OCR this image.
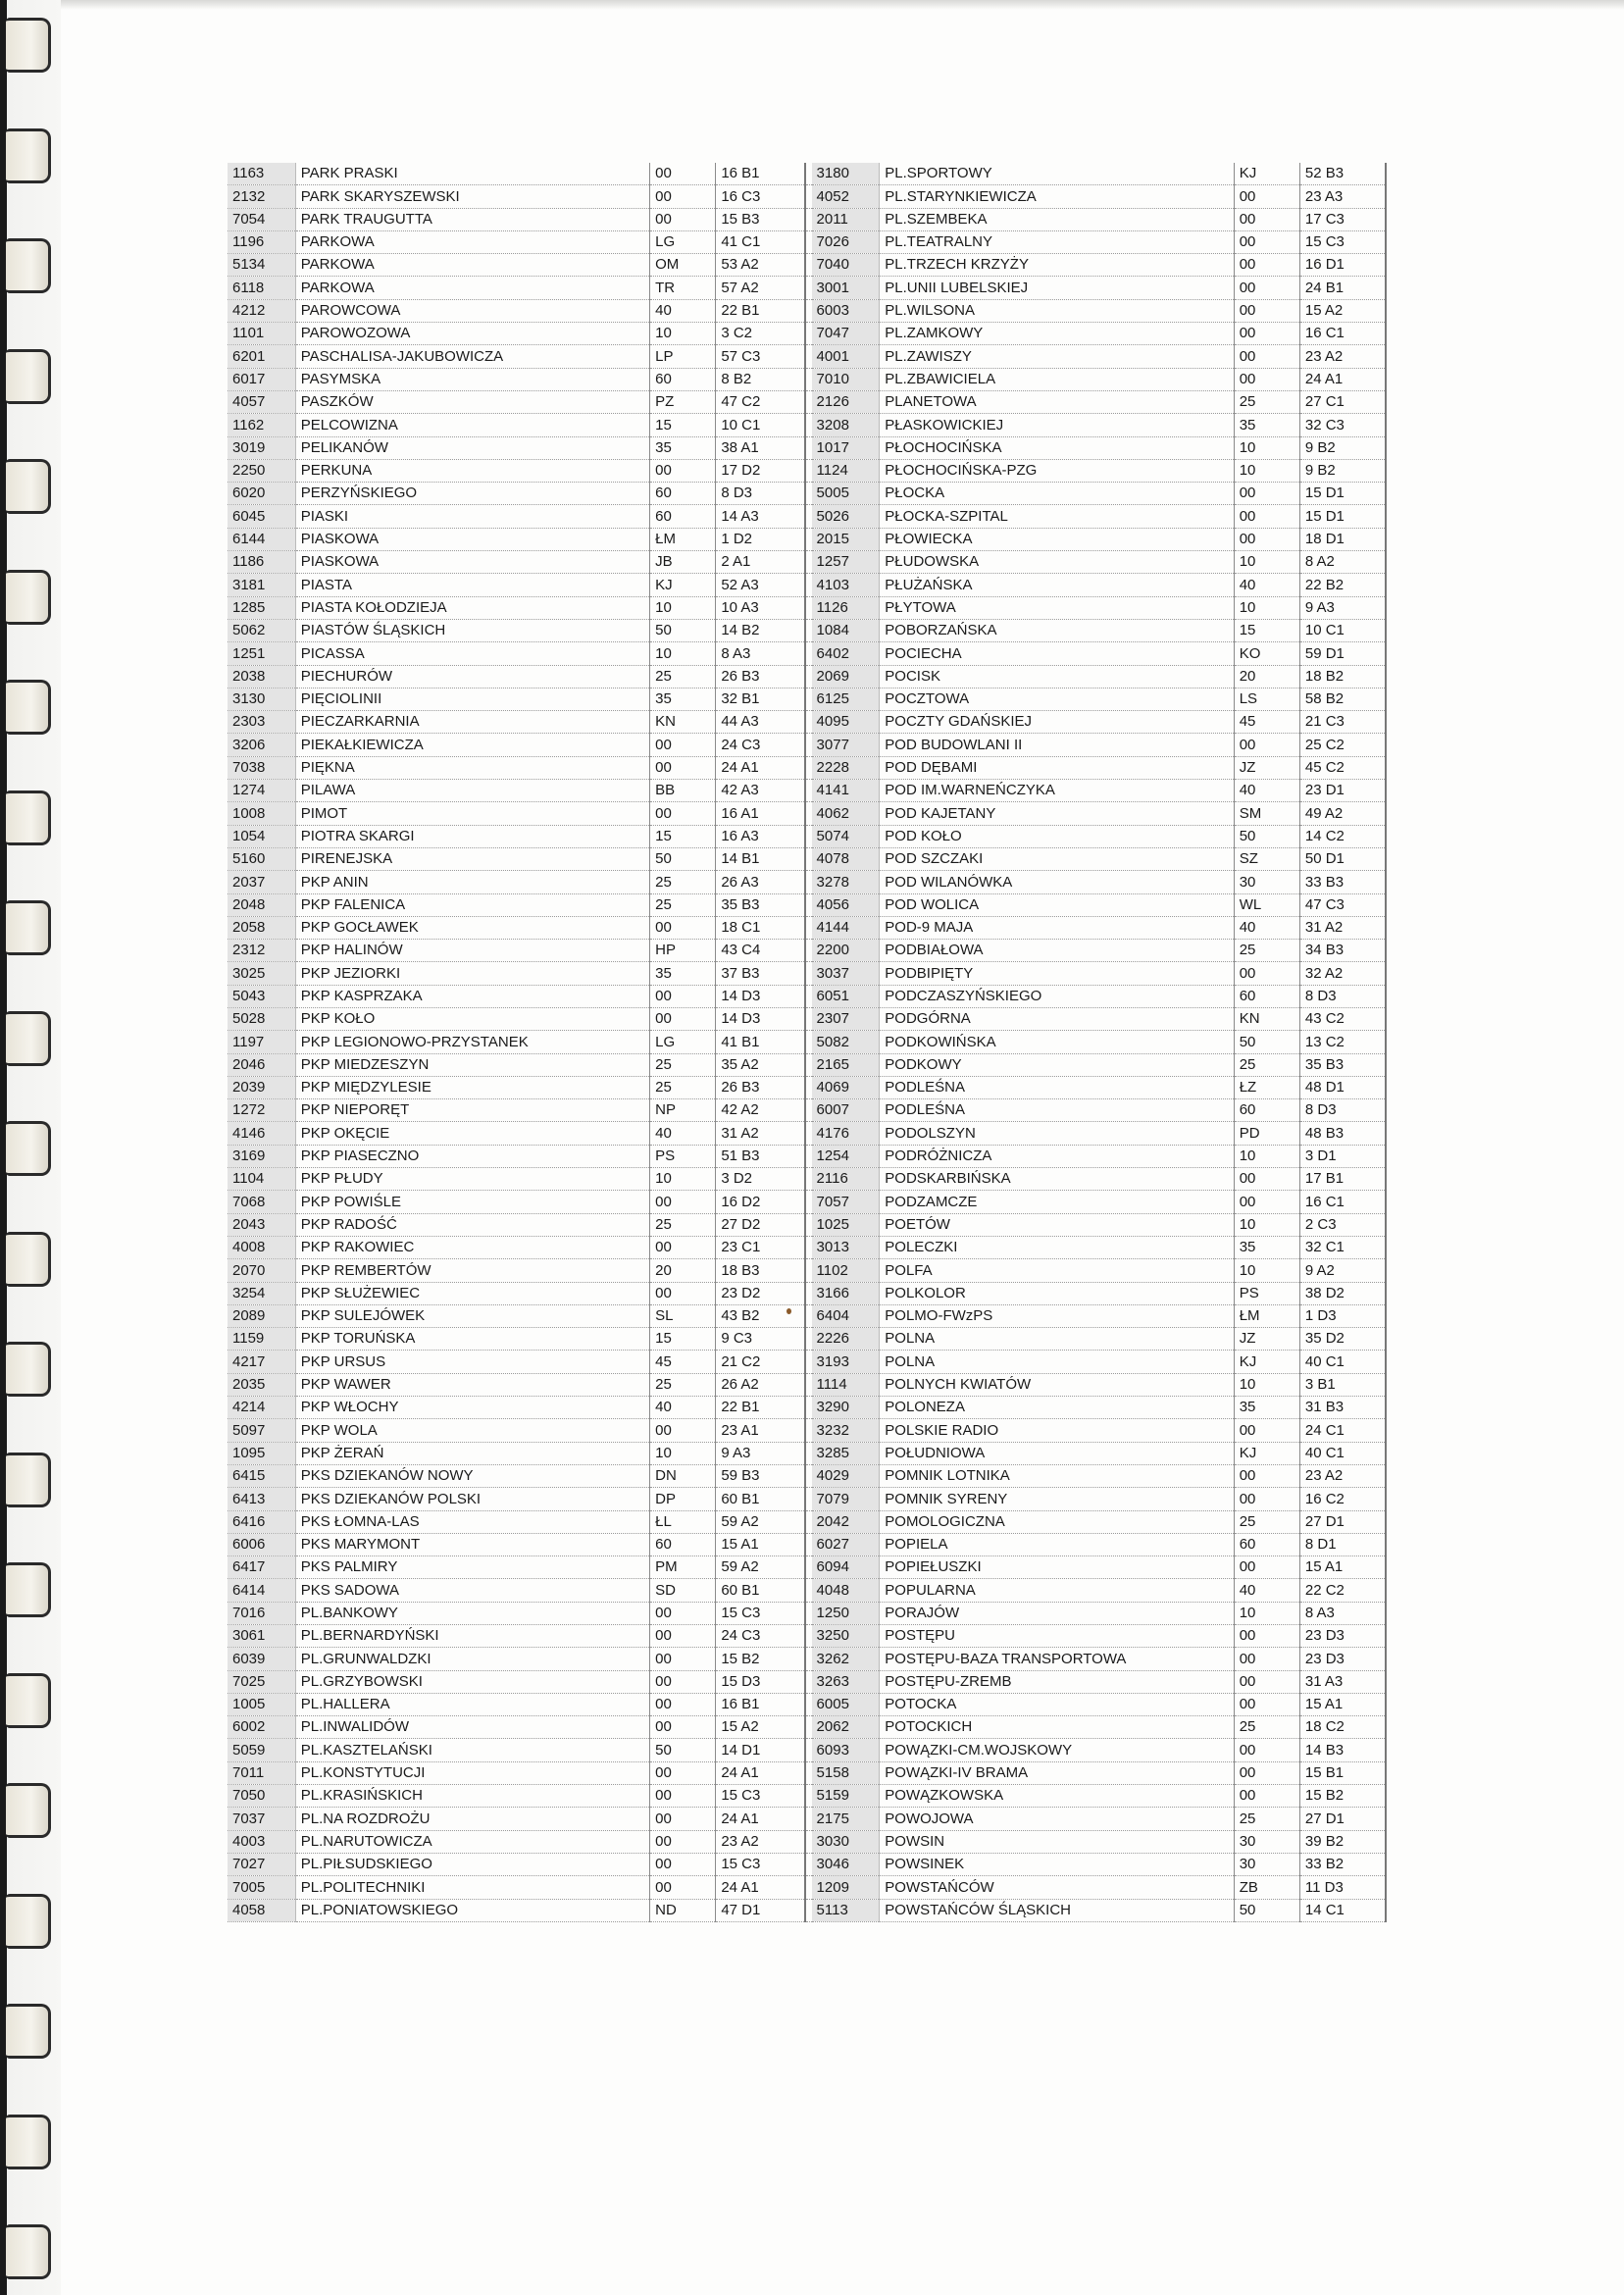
1163	PARK PRASKI	00	16 B1		3180	PL.SPORTOWY	KJ	52 B3
2132	PARK SKARYSZEWSKI	00	16 C3		4052	PL.STARYNKIEWICZA	00	23 A3
7054	PARK TRAUGUTTA	00	15 B3		2011	PL.SZEMBEKA	00	17 C3
1196	PARKOWA	LG	41 C1		7026	PL.TEATRALNY	00	15 C3
5134	PARKOWA	OM	53 A2		7040	PL.TRZECH KRZYŻY	00	16 D1
6118	PARKOWA	TR	57 A2		3001	PL.UNII LUBELSKIEJ	00	24 B1
4212	PAROWCOWA	40	22 B1		6003	PL.WILSONA	00	15 A2
1101	PAROWOZOWA	10	3 C2		7047	PL.ZAMKOWY	00	16 C1
6201	PASCHALISA-JAKUBOWICZA	LP	57 C3		4001	PL.ZAWISZY	00	23 A2
6017	PASYMSKA	60	8 B2		7010	PL.ZBAWICIELA	00	24 A1
4057	PASZKÓW	PZ	47 C2		2126	PLANETOWA	25	27 C1
1162	PELCOWIZNA	15	10 C1		3208	PŁASKOWICKIEJ	35	32 C3
3019	PELIKANÓW	35	38 A1		1017	PŁOCHOCIŃSKA	10	9 B2
2250	PERKUNA	00	17 D2		1124	PŁOCHOCIŃSKA-PZG	10	9 B2
6020	PERZYŃSKIEGO	60	8 D3		5005	PŁOCKA	00	15 D1
6045	PIASKI	60	14 A3		5026	PŁOCKA-SZPITAL	00	15 D1
6144	PIASKOWA	ŁM	1 D2		2015	PŁOWIECKA	00	18 D1
1186	PIASKOWA	JB	2 A1		1257	PŁUDOWSKA	10	8 A2
3181	PIASTA	KJ	52 A3		4103	PŁUŻAŃSKA	40	22 B2
1285	PIASTA KOŁODZIEJA	10	10 A3		1126	PŁYTOWA	10	9 A3
5062	PIASTÓW ŚLĄSKICH	50	14 B2		1084	POBORZAŃSKA	15	10 C1
1251	PICASSA	10	8 A3		6402	POCIECHA	KO	59 D1
2038	PIECHURÓW	25	26 B3		2069	POCISK	20	18 B2
3130	PIĘCIOLINII	35	32 B1		6125	POCZTOWA	LS	58 B2
2303	PIECZARKARNIA	KN	44 A3		4095	POCZTY GDAŃSKIEJ	45	21 C3
3206	PIEKAŁKIEWICZA	00	24 C3		3077	POD BUDOWLANI II	00	25 C2
7038	PIĘKNA	00	24 A1		2228	POD DĘBAMI	JZ	45 C2
1274	PILAWA	BB	42 A3		4141	POD IM.WARNEŃCZYKA	40	23 D1
1008	PIMOT	00	16 A1		4062	POD KAJETANY	SM	49 A2
1054	PIOTRA SKARGI	15	16 A3		5074	POD KOŁO	50	14 C2
5160	PIRENEJSKA	50	14 B1		4078	POD SZCZAKI	SZ	50 D1
2037	PKP ANIN	25	26 A3		3278	POD WILANÓWKA	30	33 B3
2048	PKP FALENICA	25	35 B3		4056	POD WOLICA	WL	47 C3
2058	PKP GOCŁAWEK	00	18 C1		4144	POD-9 MAJA	40	31 A2
2312	PKP HALINÓW	HP	43 C4		2200	PODBIAŁOWA	25	34 B3
3025	PKP JEZIORKI	35	37 B3		3037	PODBIPIĘTY	00	32 A2
5043	PKP KASPRZAKA	00	14 D3		6051	PODCZASZYŃSKIEGO	60	8 D3
5028	PKP KOŁO	00	14 D3		2307	PODGÓRNA	KN	43 C2
1197	PKP LEGIONOWO-PRZYSTANEK	LG	41 B1		5082	PODKOWIŃSKA	50	13 C2
2046	PKP MIEDZESZYN	25	35 A2		2165	PODKOWY	25	35 B3
2039	PKP MIĘDZYLESIE	25	26 B3		4069	PODLEŚNA	ŁZ	48 D1
1272	PKP NIEPORĘT	NP	42 A2		6007	PODLEŚNA	60	8 D3
4146	PKP OKĘCIE	40	31 A2		4176	PODOLSZYN	PD	48 B3
3169	PKP PIASECZNO	PS	51 B3		1254	PODRÓŻNICZA	10	3 D1
1104	PKP PŁUDY	10	3 D2		2116	PODSKARBIŃSKA	00	17 B1
7068	PKP POWIŚLE	00	16 D2		7057	PODZAMCZE	00	16 C1
2043	PKP RADOŚĆ	25	27 D2		1025	POETÓW	10	2 C3
4008	PKP RAKOWIEC	00	23 C1		3013	POLECZKI	35	32 C1
2070	PKP REMBERTÓW	20	18 B3		1102	POLFA	10	9 A2
3254	PKP SŁUŻEWIEC	00	23 D2		3166	POLKOLOR	PS	38 D2
2089	PKP SULEJÓWEK	SL	43 B2		6404	POLMO-FWzPS	ŁM	1 D3
1159	PKP TORUŃSKA	15	9 C3		2226	POLNA	JZ	35 D2
4217	PKP URSUS	45	21 C2		3193	POLNA	KJ	40 C1
2035	PKP WAWER	25	26 A2		1114	POLNYCH KWIATÓW	10	3 B1
4214	PKP WŁOCHY	40	22 B1		3290	POLONEZA	35	31 B3
5097	PKP WOLA	00	23 A1		3232	POLSKIE RADIO	00	24 C1
1095	PKP ŻERAŃ	10	9 A3		3285	POŁUDNIOWA	KJ	40 C1
6415	PKS DZIEKANÓW NOWY	DN	59 B3		4029	POMNIK LOTNIKA	00	23 A2
6413	PKS DZIEKANÓW POLSKI	DP	60 B1		7079	POMNIK SYRENY	00	16 C2
6416	PKS ŁOMNA-LAS	ŁL	59 A2		2042	POMOLOGICZNA	25	27 D1
6006	PKS MARYMONT	60	15 A1		6027	POPIELA	60	8 D1
6417	PKS PALMIRY	PM	59 A2		6094	POPIEŁUSZKI	00	15 A1
6414	PKS SADOWA	SD	60 B1		4048	POPULARNA	40	22 C2
7016	PL.BANKOWY	00	15 C3		1250	PORAJÓW	10	8 A3
3061	PL.BERNARDYŃSKI	00	24 C3		3250	POSTĘPU	00	23 D3
6039	PL.GRUNWALDZKI	00	15 B2		3262	POSTĘPU-BAZA TRANSPORTOWA	00	23 D3
7025	PL.GRZYBOWSKI	00	15 D3		3263	POSTĘPU-ZREMB	00	31 A3
1005	PL.HALLERA	00	16 B1		6005	POTOCKA	00	15 A1
6002	PL.INWALIDÓW	00	15 A2		2062	POTOCKICH	25	18 C2
5059	PL.KASZTELAŃSKI	50	14 D1		6093	POWĄZKI-CM.WOJSKOWY	00	14 B3
7011	PL.KONSTYTUCJI	00	24 A1		5158	POWĄZKI-IV BRAMA	00	15 B1
7050	PL.KRASIŃSKICH	00	15 C3		5159	POWĄZKOWSKA	00	15 B2
7037	PL.NA ROZDROŻU	00	24 A1		2175	POWOJOWA	25	27 D1
4003	PL.NARUTOWICZA	00	23 A2		3030	POWSIN	30	39 B2
7027	PL.PIŁSUDSKIEGO	00	15 C3		3046	POWSINEK	30	33 B2
7005	PL.POLITECHNIKI	00	24 A1		1209	POWSTAŃCÓW	ZB	11 D3
4058	PL.PONIATOWSKIEGO	ND	47 D1		5113	POWSTAŃCÓW ŚLĄSKICH	50	14 C1
